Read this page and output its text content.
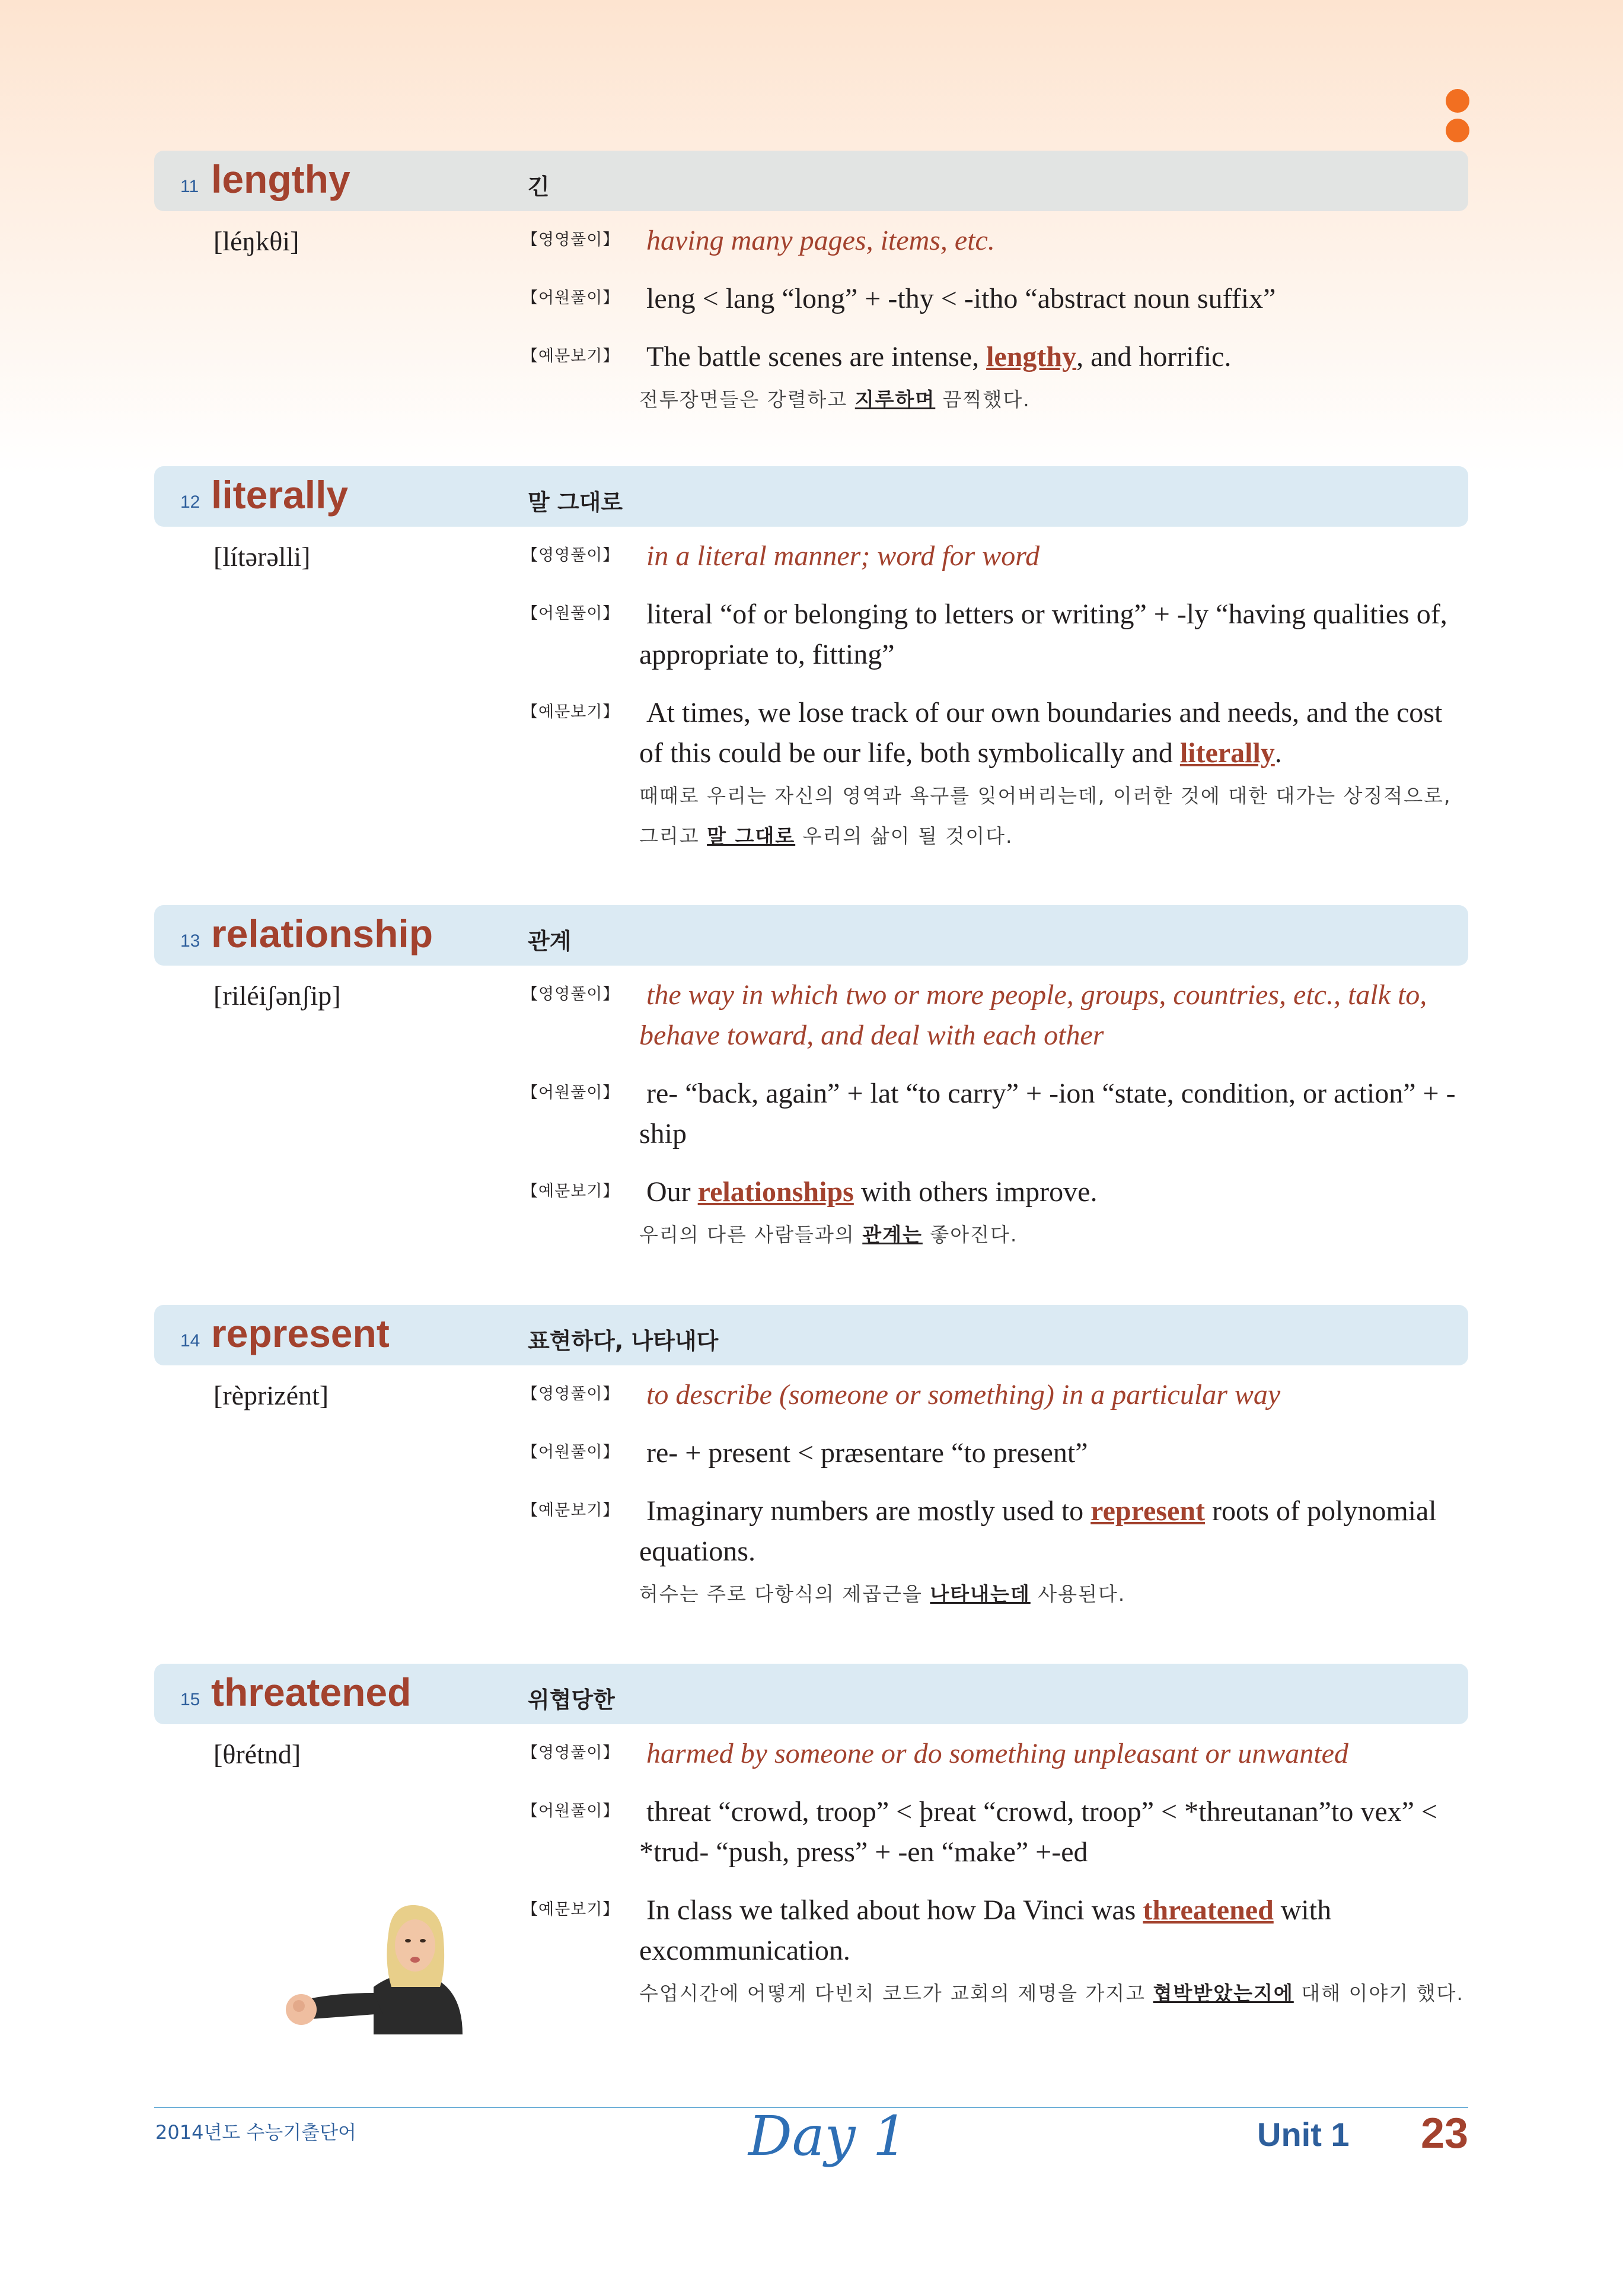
11 lengthy	긴
[léŋkθi]	【영영풀이】 having many pages, items, etc.
【어원풀이】 leng < lang “long” + -thy < -itho “abstract noun suffix”
【예문보기】 The battle scenes are intense, lengthy, and horrific.
전투장면들은 강렬하고 지루하며 끔찍했다.
12 literally	말 그대로
[lítərəlli]	【영영풀이】 in a literal manner; word for word
【어원풀이】 literal “of or belonging to letters or writing” + -ly “having qualities of, appropriate to, fitting”
【예문보기】 At times, we lose track of our own boundaries and needs, and the cost of this could be our life, both symbolically and literally.
때때로 우리는 자신의 영역과 욕구를 잊어버리는데, 이러한 것에 대한 대가는 상징적으로, 그리고 말 그대로 우리의 삶이 될 것이다.
13 relationship	관계
[riléiʃənʃip]	【영영풀이】 the way in which two or more people, groups, countries, etc., talk to, behave toward, and deal with each other
【어원풀이】 re- “back, again” + lat “to carry” + -ion “state, condition, or action” + -ship
【예문보기】 Our relationships with others improve.
우리의 다른 사람들과의 관계는 좋아진다.
14 represent	표현하다, 나타내다
[rèprizént]	【영영풀이】 to describe (someone or something) in a particular way
【어원풀이】 re- + present < præsentare “to present”
【예문보기】 Imaginary numbers are mostly used to represent roots of polynomial equations.
허수는 주로 다항식의 제곱근을 나타내는데 사용된다.
15 threatened	위협당한
[θrétnd]	【영영풀이】 harmed by someone or do something unpleasant or unwanted
【어원풀이】 threat “crowd, troop” < þreat “crowd, troop” < *threutanan”to vex” < *trud- “push, press” + -en “make” +-ed
【예문보기】 In class we talked about how Da Vinci was threatened with excommunication.
수업시간에 어떻게 다빈치 코드가 교회의 제명을 가지고 협박받았는지에 대해 이야기 했다.
2014년도 수능기출단어	Day 1	Unit 1 23
